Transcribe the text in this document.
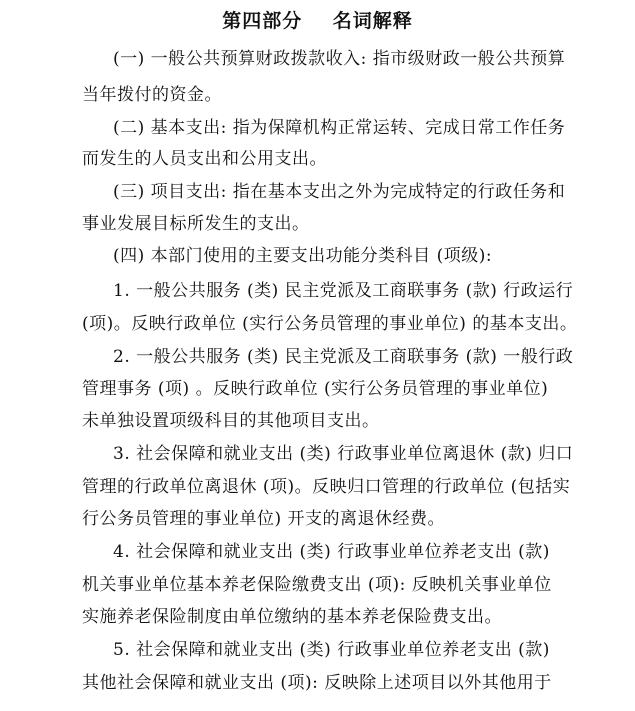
第四部分    名词解释
(一) 一般公共预算财政拨款收入: 指市级财政一般公共预算
当年拨付的资金。
(二) 基本支出: 指为保障机构正常运转、完成日常工作任务
而发生的人员支出和公用支出。
(三) 项目支出: 指在基本支出之外为完成特定的行政任务和
事业发展目标所发生的支出。
(四) 本部门使用的主要支出功能分类科目 (项级):
1. 一般公共服务 (类) 民主党派及工商联事务 (款) 行政运行
(项)。反映行政单位 (实行公务员管理的事业单位) 的基本支出。
2. 一般公共服务 (类) 民主党派及工商联事务 (款) 一般行政
管理事务 (项) 。反映行政单位 (实行公务员管理的事业单位)
未单独设置项级科目的其他项目支出。
3. 社会保障和就业支出 (类) 行政事业单位离退休 (款) 归口
管理的行政单位离退休 (项)。反映归口管理的行政单位 (包括实
行公务员管理的事业单位) 开支的离退休经费。
4. 社会保障和就业支出 (类) 行政事业单位养老支出 (款)
机关事业单位基本养老保险缴费支出 (项): 反映机关事业单位
实施养老保险制度由单位缴纳的基本养老保险费支出。
5. 社会保障和就业支出 (类) 行政事业单位养老支出 (款)
其他社会保障和就业支出 (项): 反映除上述项目以外其他用于
